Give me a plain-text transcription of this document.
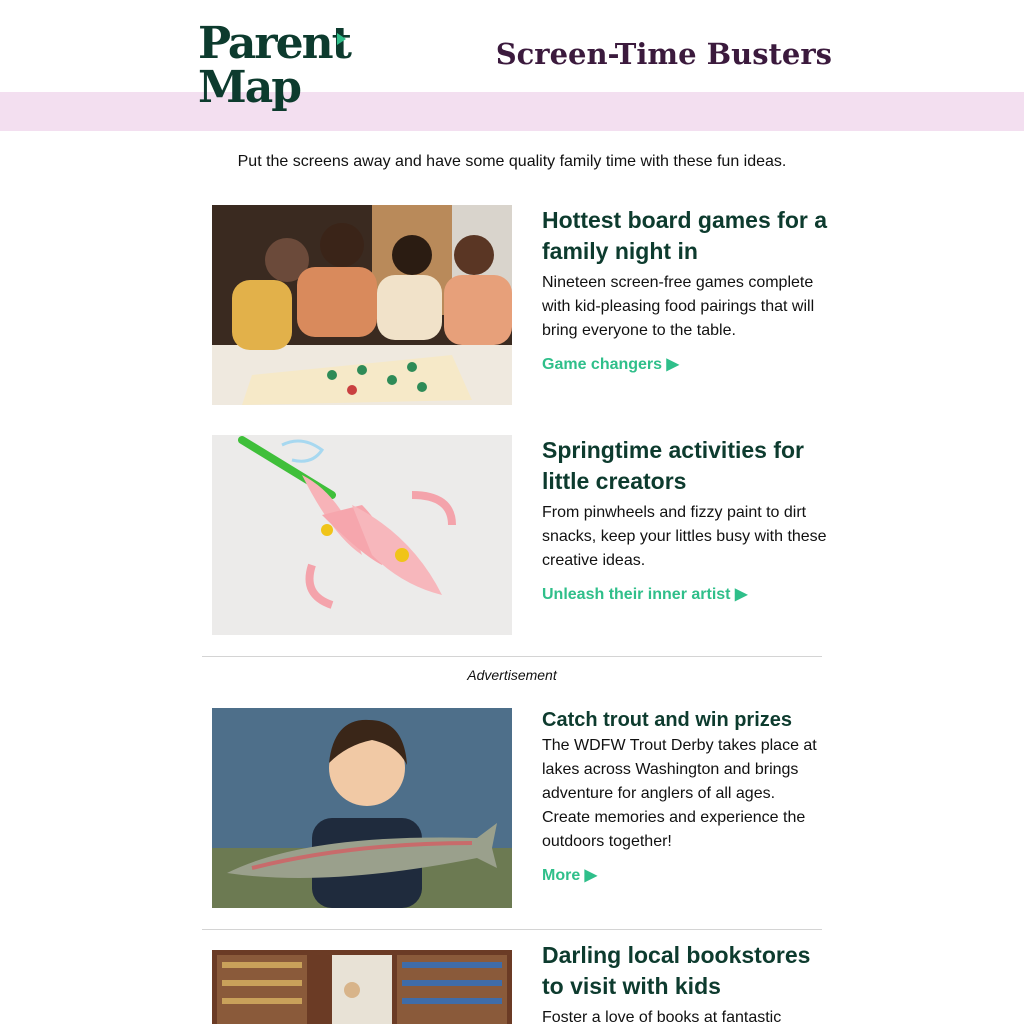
Parent
Map
Screen-Time Busters
Put the screens away and have some quality family time with these fun ideas.
Hottest board games for a family night in

Nineteen screen-free games complete with kid-pleasing food pairings that will bring everyone to the table.

Game changers ▶
Springtime activities for little creators

From pinwheels and fizzy paint to dirt snacks, keep your littles busy with these creative ideas.

Unleash their inner artist ▶
Advertisement
Catch trout and win prizes

The WDFW Trout Derby takes place at lakes across Washington and brings adventure for anglers of all ages. Create memories and experience the outdoors together!

More ▶
Darling local bookstores to visit with kids

Foster a love of books at fantastic
